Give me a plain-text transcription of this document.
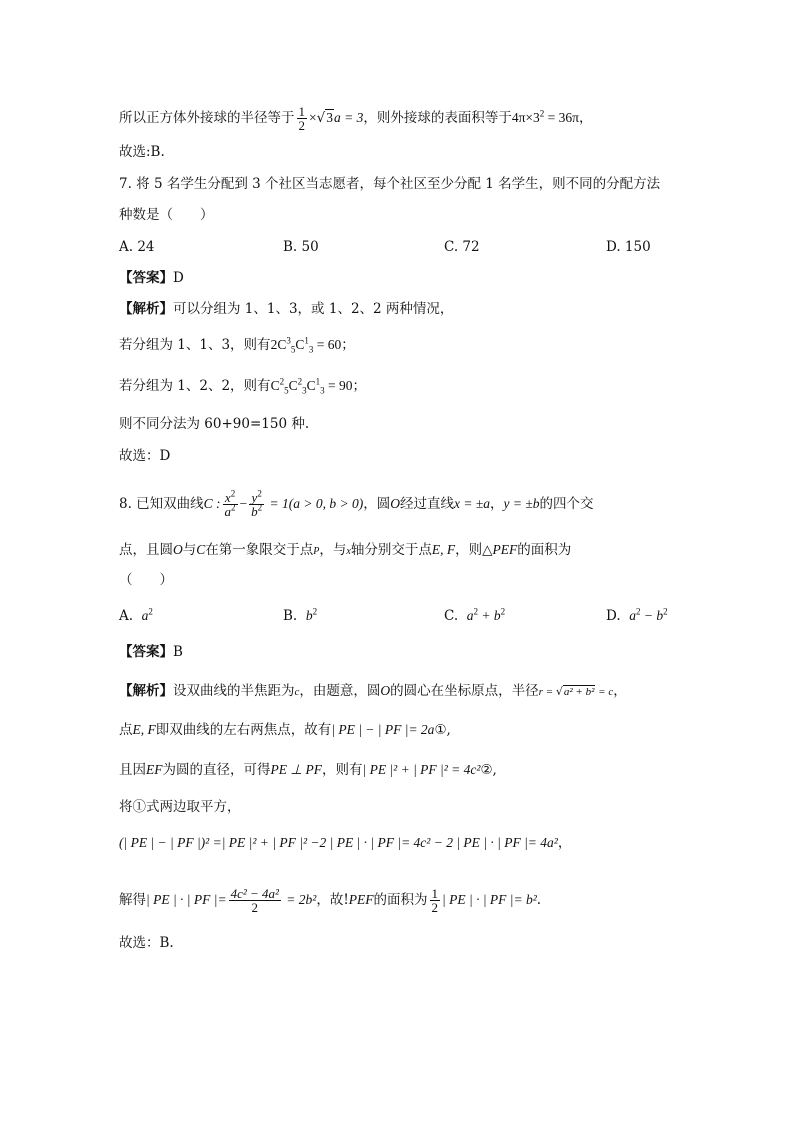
所以正方体外接球的半径等于 $\frac{1}{2} \times√3a = 3$，则外接球的表面积等于$4\pi\times 3^2 = 36\pi$，
故选:B.
7. 将 5 名学生分配到 3 个社区当志愿者，每个社区至少分配 1 名学生，则不同的分配方法
种数是（　　）
A. 24	B. 50	C. 72	D. 150
【答案】D
【解析】可以分组为 1、1、3，或 1、2、2 两种情况，
若分组为 1、1、3，则有$2C^3_5C^1_3 = 60$；
若分组为 1、2、2，则有$C^2_5C^2_3C^1_3 = 90$；
则不同分法为 60+90=150 种.
故选：D
8. 已知双曲线C : $\frac{x^2}{a^2} - \frac{y^2}{b^2} = 1(a > 0$, b > 0)，圆O经过直线x = ±a，y = ±b的四个交
点，且圆O与C在第一象限交于点P，与x轴分别交于点E, F，则△PEF的面积为
（　　）
A. $a^2$	B. $b^2$	C. $a^2 + b^2$	D. $a^2 - b^2$
【答案】B
【解析】设双曲线的半焦距为c，由题意，圆O的圆心在坐标原点，半径r = √a² + b² = c，
点E, F即双曲线的左右两焦点，故有| PE | − | PF |= 2a①,
且因EF为圆的直径，可得PE ⊥ PF，则有| PE |² + | PF |² = 4c²②,
将①式两边取平方，
(| PE | − | PF |)² =| PE |² + | PF |² −2 | PE | · | PF |= 4c² − 2 | PE | · | PF |= 4a²，
解得| PE | · | PF |= $\frac{\text{4c² − 4a²}}{2} = 2b^2$，故!PEF的面积为 $\frac{1}{2}$ | PE | · | PF |= b².
故选：B.
